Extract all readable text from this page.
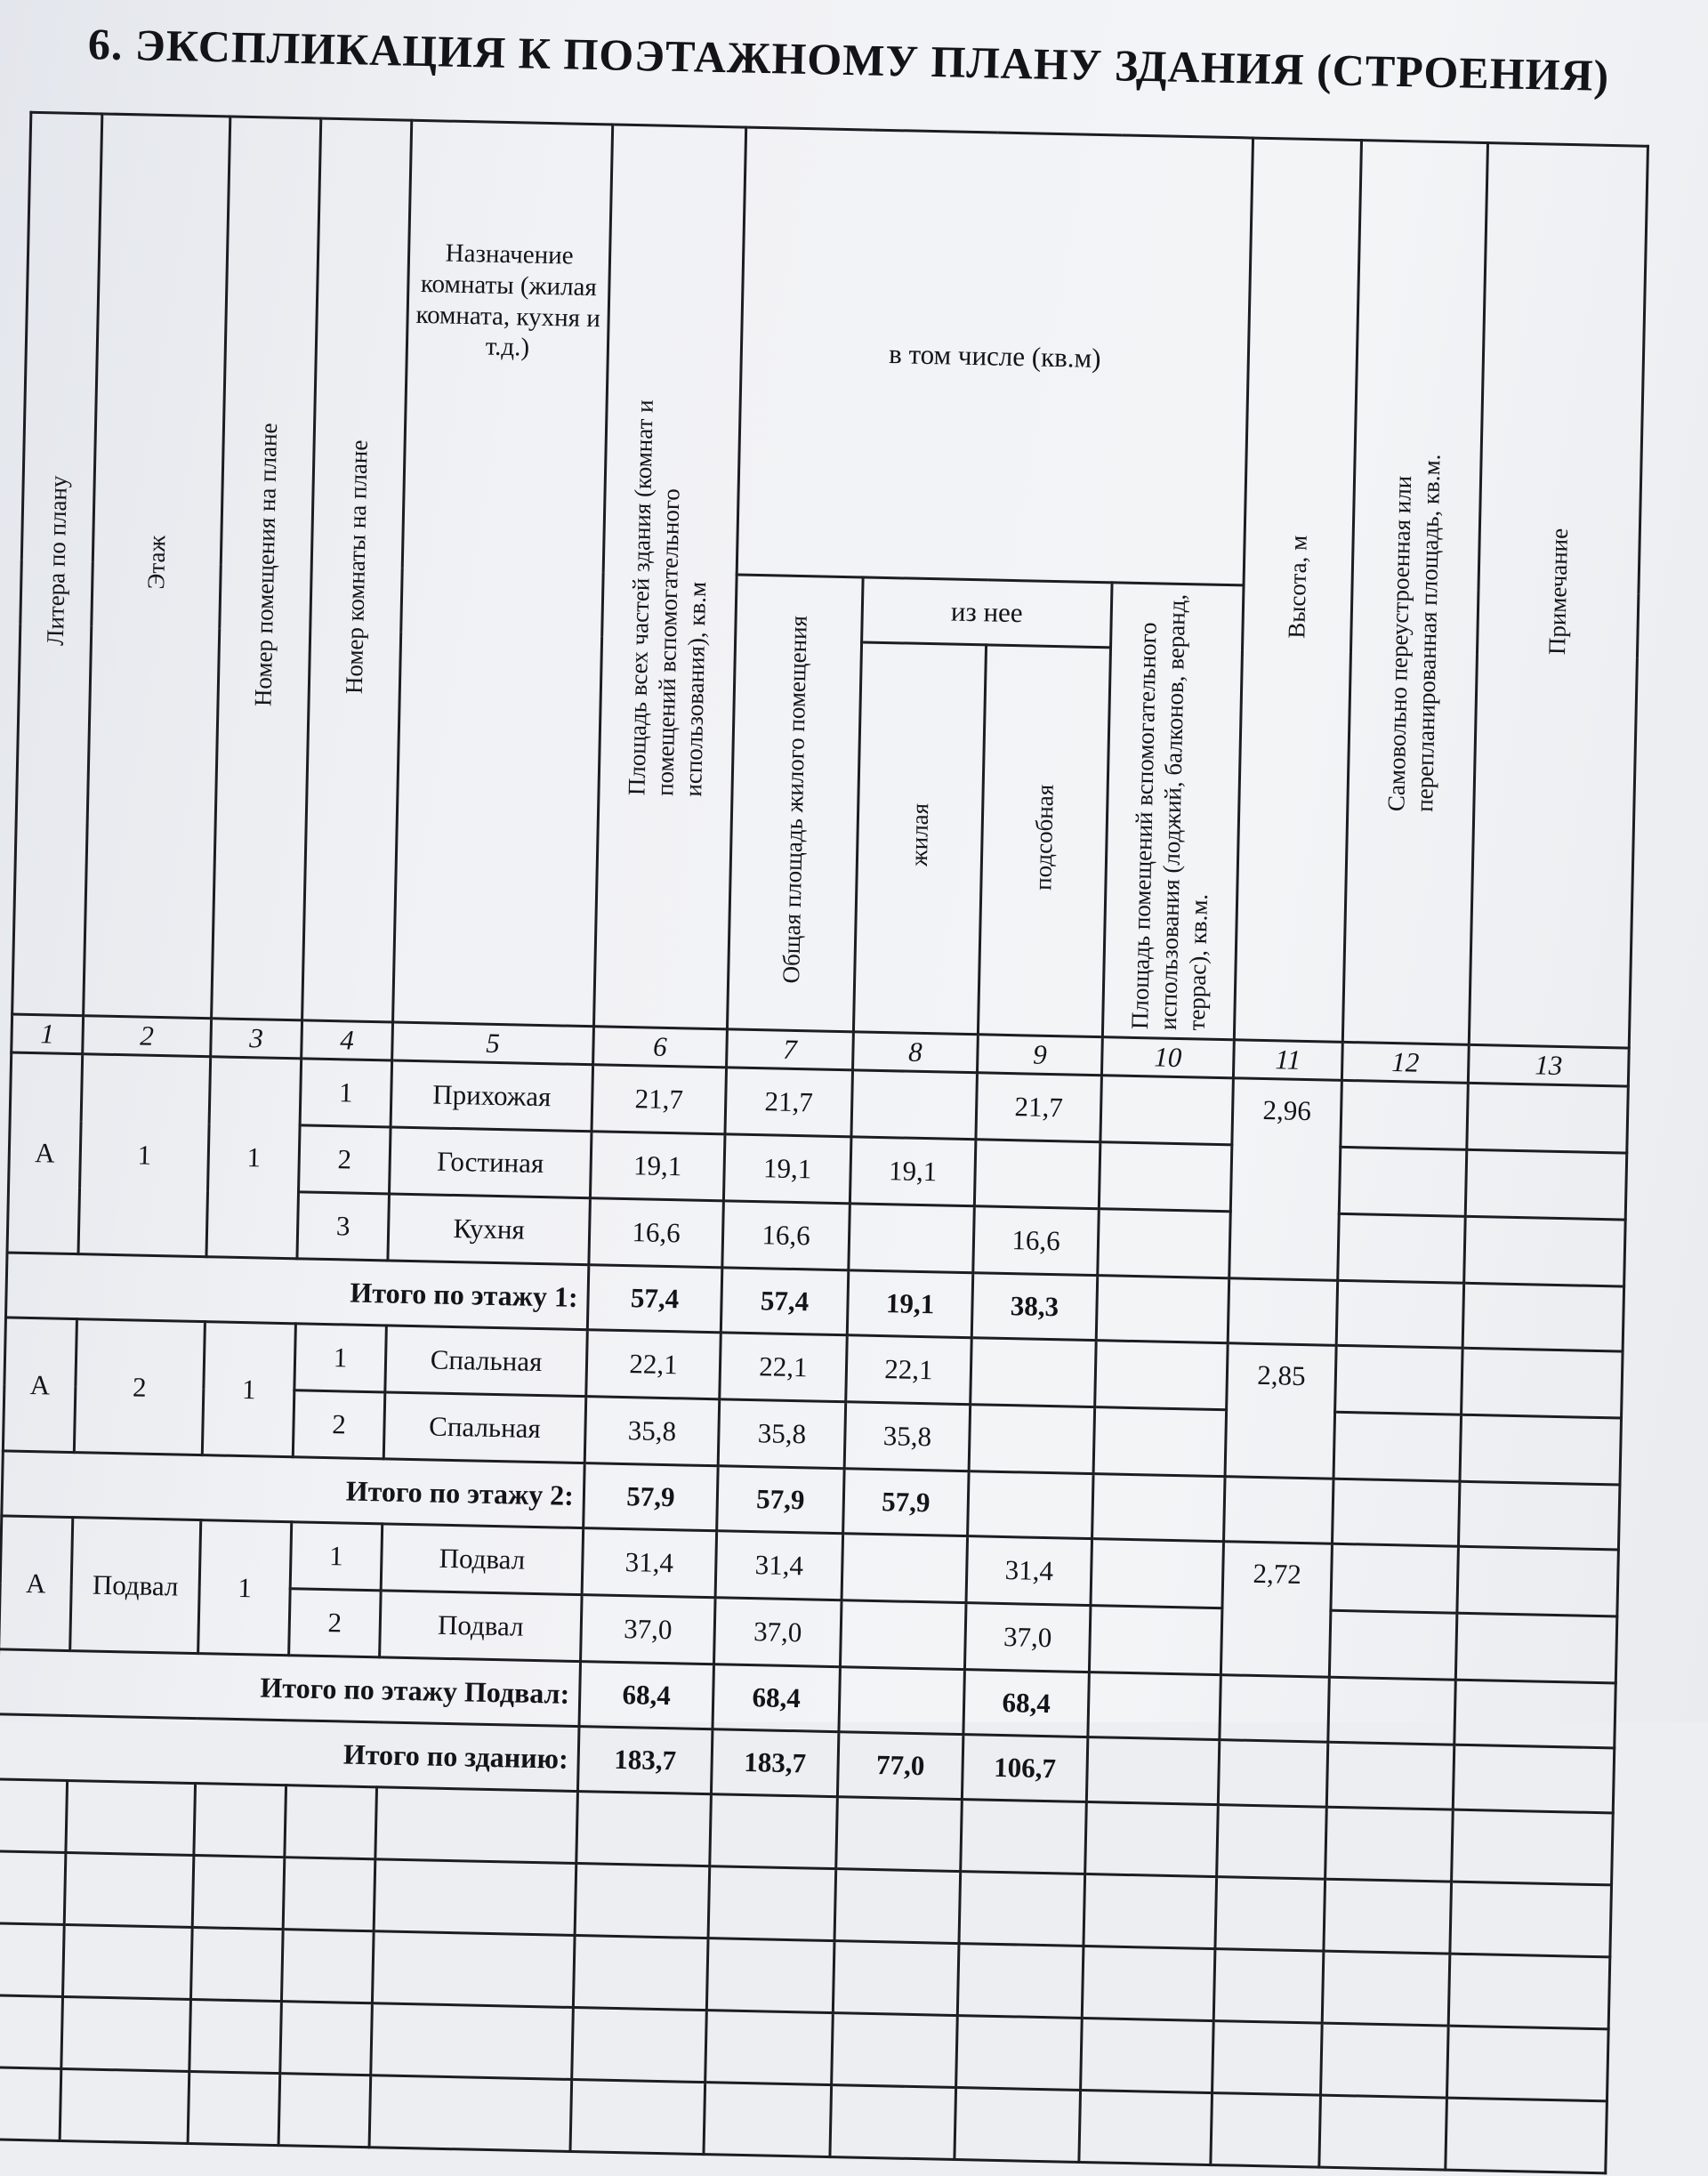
6. ЭКСПЛИКАЦИЯ К ПОЭТАЖНОМУ ПЛАНУ ЗДАНИЯ (СТРОЕНИЯ)
Литера по плану	Этаж	Номер помещения на плане	Номер комнаты на плане	Назначение комнаты (жилая комната, кухня и т.д.)	Площадь всех частей здания (комнат и помещений вспомогательного использования), кв.м	в том числе (кв.м)				Высота, м	Самовольно переустроенная или перепланированная площадь, кв.м.	Примечание
						Общая площадь жилого помещения	из нее		Площадь помещений вспомогательного использования (лоджий, балконов, веранд, террас), кв.м.			
							жилая	подсобная				
1	2	3	4	5	6	7	8	9	10	11	12	13
А	1	1	1	Прихожая	21,7	21,7		21,7		2,96		
			2	Гостиная	19,1	19,1	19,1					
			3	Кухня	16,6	16,6		16,6				
Итого по этажу 1:					57,4	57,4	19,1	38,3				
А	2	1	1	Спальная	22,1	22,1	22,1			2,85		
			2	Спальная	35,8	35,8	35,8					
Итого по этажу 2:					57,9	57,9	57,9					
А	Подвал	1	1	Подвал	31,4	31,4		31,4		2,72		
			2	Подвал	37,0	37,0		37,0				
Итого по этажу Подвал:					68,4	68,4		68,4				
Итого по зданию:					183,7	183,7	77,0	106,7				
